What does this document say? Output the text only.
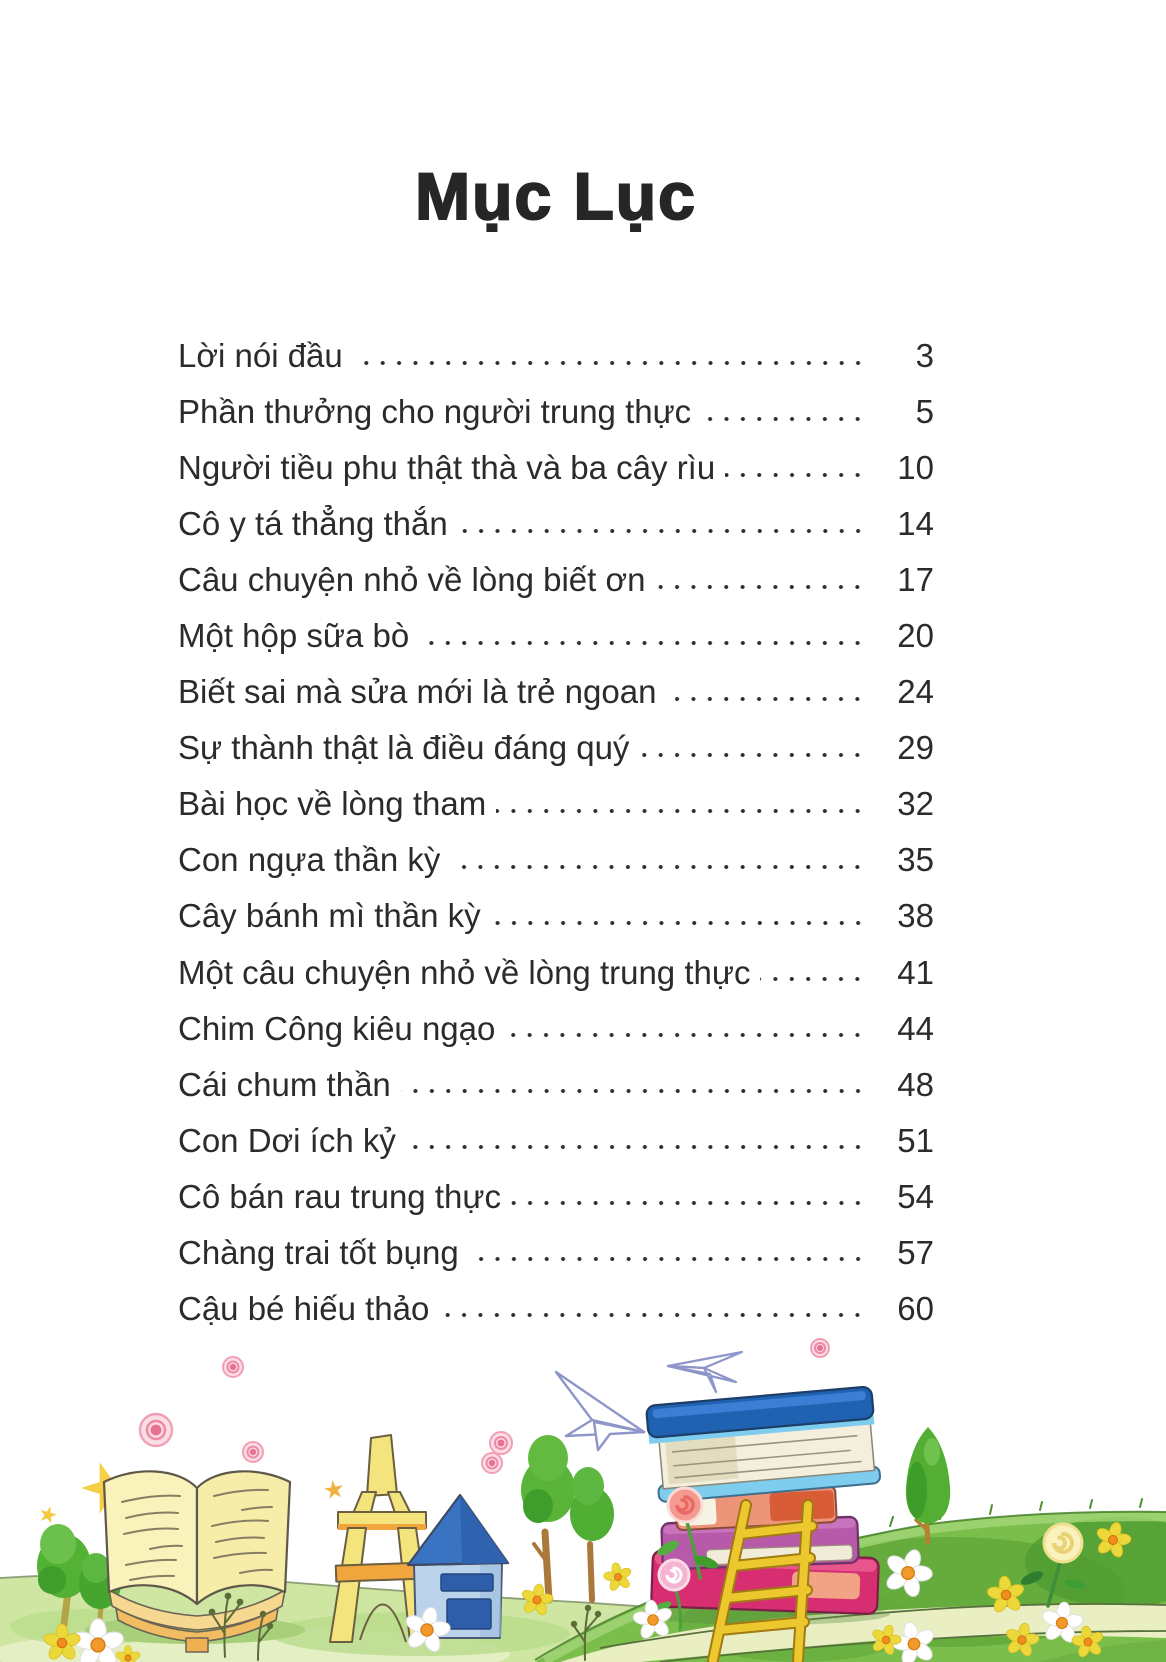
Mục Lục
Lời nói đầu	3
Phần thưởng cho người trung thực	5
Người tiều phu thật thà và ba cây rìu	10
Cô y tá thẳng thắn	14
Câu chuyện nhỏ về lòng biết ơn	17
Một hộp sữa bò	20
Biết sai mà sửa mới là trẻ ngoan	24
Sự thành thật là điều đáng quý	29
Bài học về lòng tham	32
Con ngựa thần kỳ	35
Cây bánh mì thần kỳ	38
Một câu chuyện nhỏ về lòng trung thực	41
Chim Công kiêu ngạo	44
Cái chum thần	48
Con Dơi ích kỷ	51
Cô bán rau trung thực	54
Chàng trai tốt bụng	57
Cậu bé hiếu thảo	60
